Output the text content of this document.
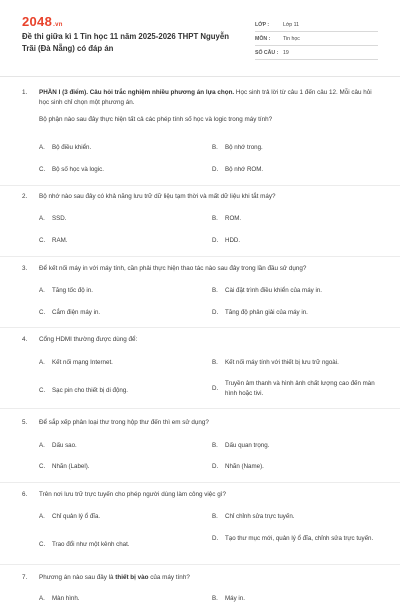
2048.vn
Đề thi giữa kì 1 Tin học 11 năm 2025-2026 THPT Nguyễn Trãi (Đà Nẵng) có đáp án
LỚP :	Lớp 11
MÔN :	Tin học
SỐ CÂU : 19
1. PHẦN I (3 điểm). Câu hỏi trắc nghiệm nhiều phương án lựa chọn. Học sinh trả lời từ câu 1 đến câu 12. Mỗi câu hỏi học sinh chỉ chọn một phương án.
Bộ phận nào sau đây thực hiện tất cả các phép tính số học và logic trong máy tính?
A.	Bộ điều khiển.	B.	Bộ nhớ trong.
C.	Bộ số học và logic.	D.	Bộ nhớ ROM.
2. Bộ nhớ nào sau đây có khả năng lưu trữ dữ liệu tạm thời và mất dữ liệu khi tắt máy?
A.	SSD.	B.	ROM.
C.	RAM.	D.	HDD.
3. Để kết nối máy in với máy tính, cần phải thực hiện thao tác nào sau đây trong lần đầu sử dụng?
A.	Tăng tốc độ in.	B.	Cài đặt trình điều khiển của máy in.
C.	Cắm điện máy in.	D.	Tăng độ phân giải của máy in.
4. Cổng HDMI thường được dùng để:
A.	Kết nối mạng Internet.	B.	Kết nối máy tính với thiết bị lưu trữ ngoài.
C.	Sạc pin cho thiết bị di động.	D.
Truyền âm thanh và hình ảnh chất lượng cao đến màn hình hoặc tivi.
5. Để sắp xếp phân loại thư trong hộp thư đến thì em sử dụng?
A.	Dấu sao.	B.	Dấu quan trọng.
C.	Nhãn (Label).	D.	Nhãn (Name).
6. Trên nơi lưu trữ trực tuyến cho phép người dùng làm công việc gì?
A.	Chỉ quản lý ổ đĩa.	B.	Chỉ chỉnh sửa trực tuyến.
C.	Trao đổi như một kênh chat.
D.	Tạo thư mục mới, quản lý ổ đĩa, chỉnh sửa trực tuyến.
7. Phương án nào sau đây là thiết bị vào của máy tính?
A.	Màn hình.	B.	Máy in.
